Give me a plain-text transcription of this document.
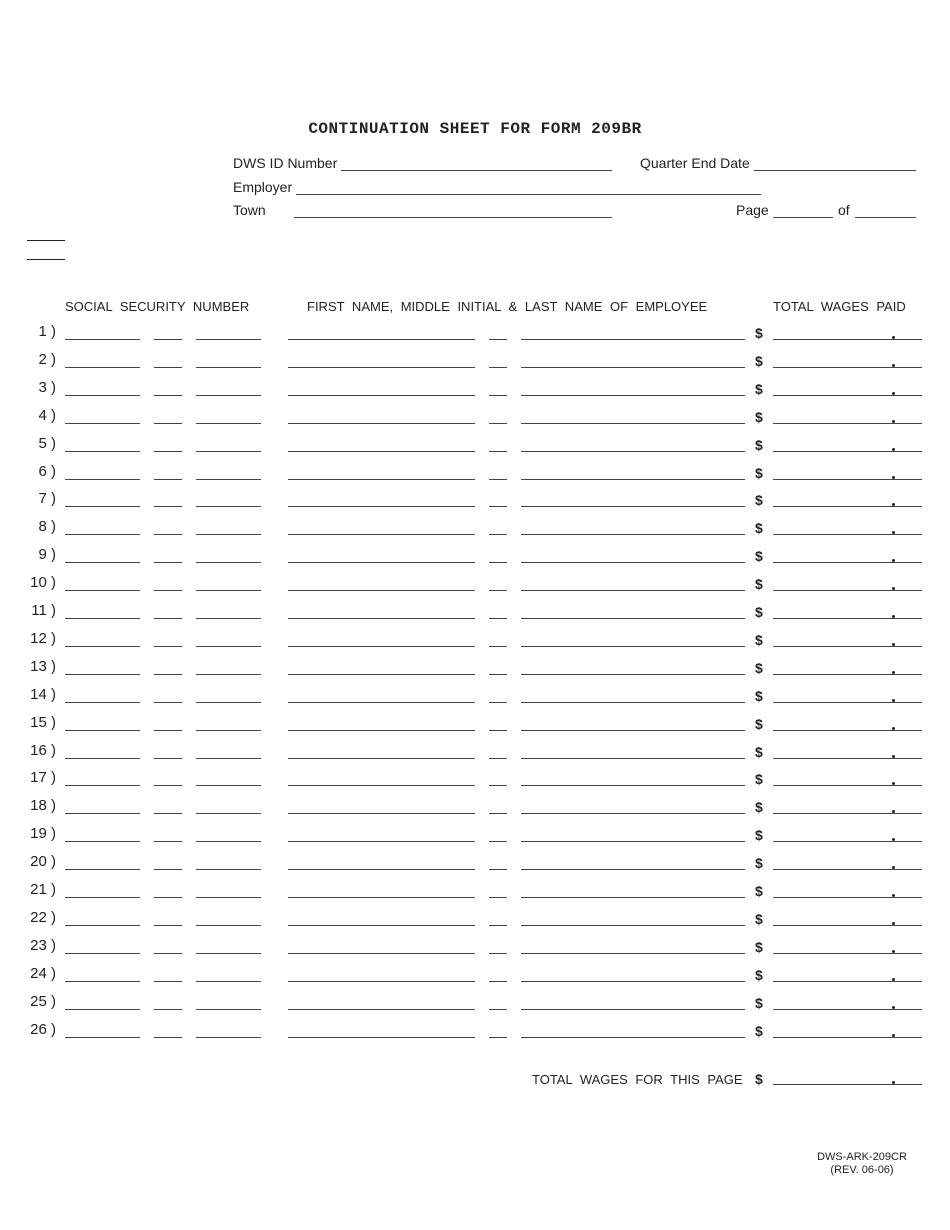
CONTINUATION SHEET FOR FORM 209BR
DWS ID Number	Quarter End Date
Employer
Town	Page	of
SOCIAL SECURITY NUMBER	FIRST NAME, MIDDLE INITIAL & LAST NAME OF EMPLOYEE	TOTAL WAGES PAID
1 )	$
2 )	$
3 )	$
4 )	$
5 )	$
6 )	$
7 )	$
8 )	$
9 )	$
10 )	$
11 )	$
12 )	$
13 )	$
14 )	$
15 )	$
16 )	$
17 )	$
18 )	$
19 )	$
20 )	$
21 )	$
22 )	$
23 )	$
24 )	$
25 )	$
26 )	$
TOTAL WAGES FOR THIS PAGE $
DWS-ARK-209CR
(REV. 06-06)
